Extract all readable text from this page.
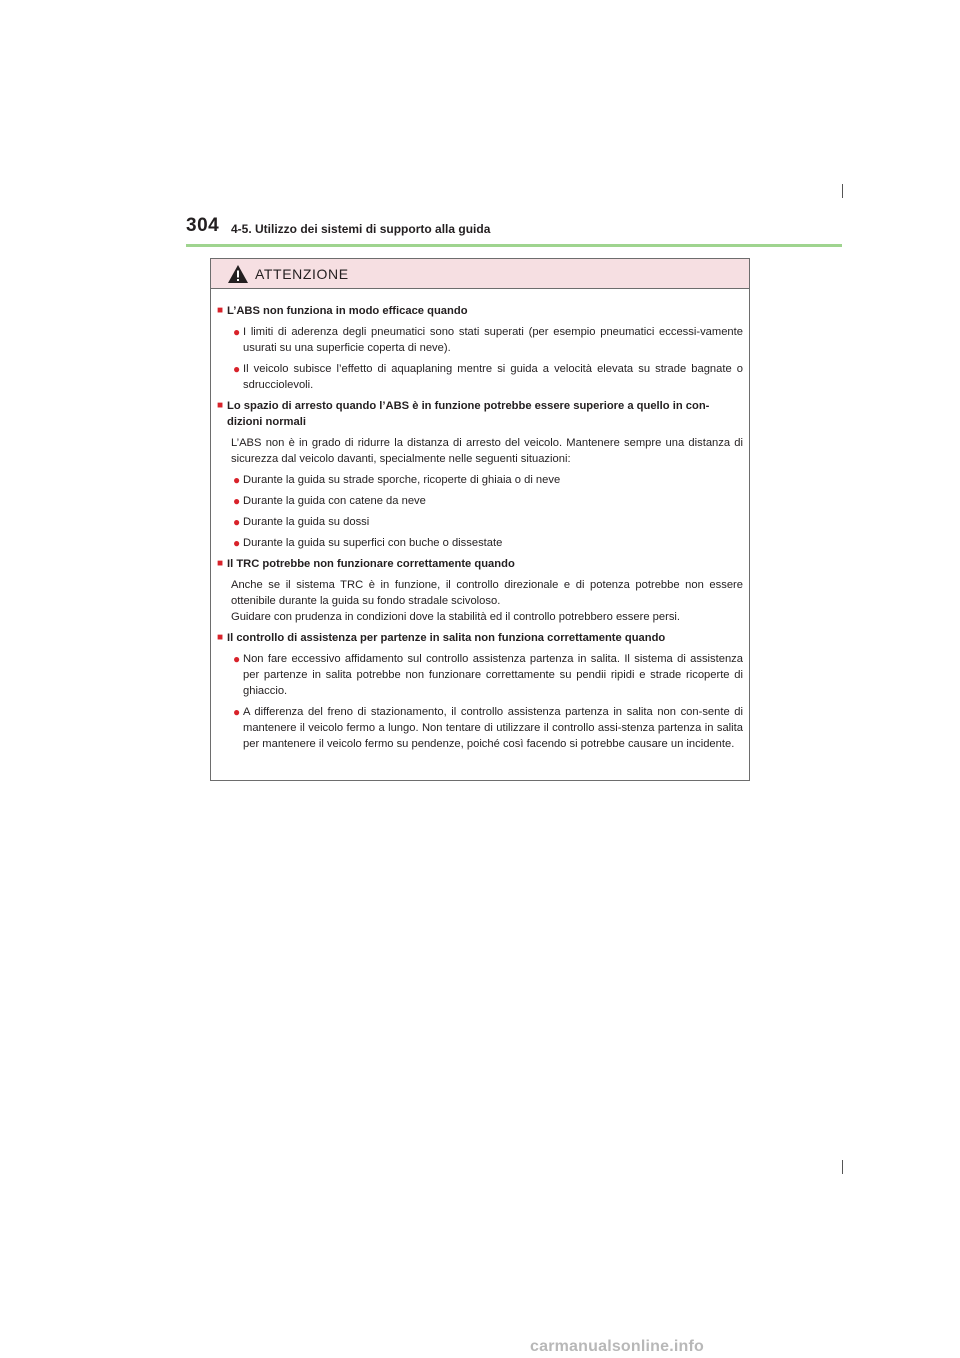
304 4-5. Utilizzo dei sistemi di supporto alla guida
ATTENZIONE
■ L’ABS non funziona in modo efficace quando
● I limiti di aderenza degli pneumatici sono stati superati (per esempio pneumatici eccessi-vamente usurati su una superficie coperta di neve).
● Il veicolo subisce l’effetto di aquaplaning mentre si guida a velocità elevata su strade bagnate o sdrucciolevoli.
■ Lo spazio di arresto quando l’ABS è in funzione potrebbe essere superiore a quello in con-dizioni normali
L’ABS non è in grado di ridurre la distanza di arresto del veicolo. Mantenere sempre una distanza di sicurezza dal veicolo davanti, specialmente nelle seguenti situazioni:
● Durante la guida su strade sporche, ricoperte di ghiaia o di neve
● Durante la guida con catene da neve
● Durante la guida su dossi
● Durante la guida su superfici con buche o dissestate
■ Il TRC potrebbe non funzionare correttamente quando
Anche se il sistema TRC è in funzione, il controllo direzionale e di potenza potrebbe non essere ottenibile durante la guida su fondo stradale scivoloso.
Guidare con prudenza in condizioni dove la stabilità ed il controllo potrebbero essere persi.
■ Il controllo di assistenza per partenze in salita non funziona correttamente quando
● Non fare eccessivo affidamento sul controllo assistenza partenza in salita. Il sistema di assistenza per partenze in salita potrebbe non funzionare correttamente su pendii ripidi e strade ricoperte di ghiaccio.
● A differenza del freno di stazionamento, il controllo assistenza partenza in salita non con-sente di mantenere il veicolo fermo a lungo. Non tentare di utilizzare il controllo assi-stenza partenza in salita per mantenere il veicolo fermo su pendenze, poiché così facendo si potrebbe causare un incidente.
carmanualsonline.info
